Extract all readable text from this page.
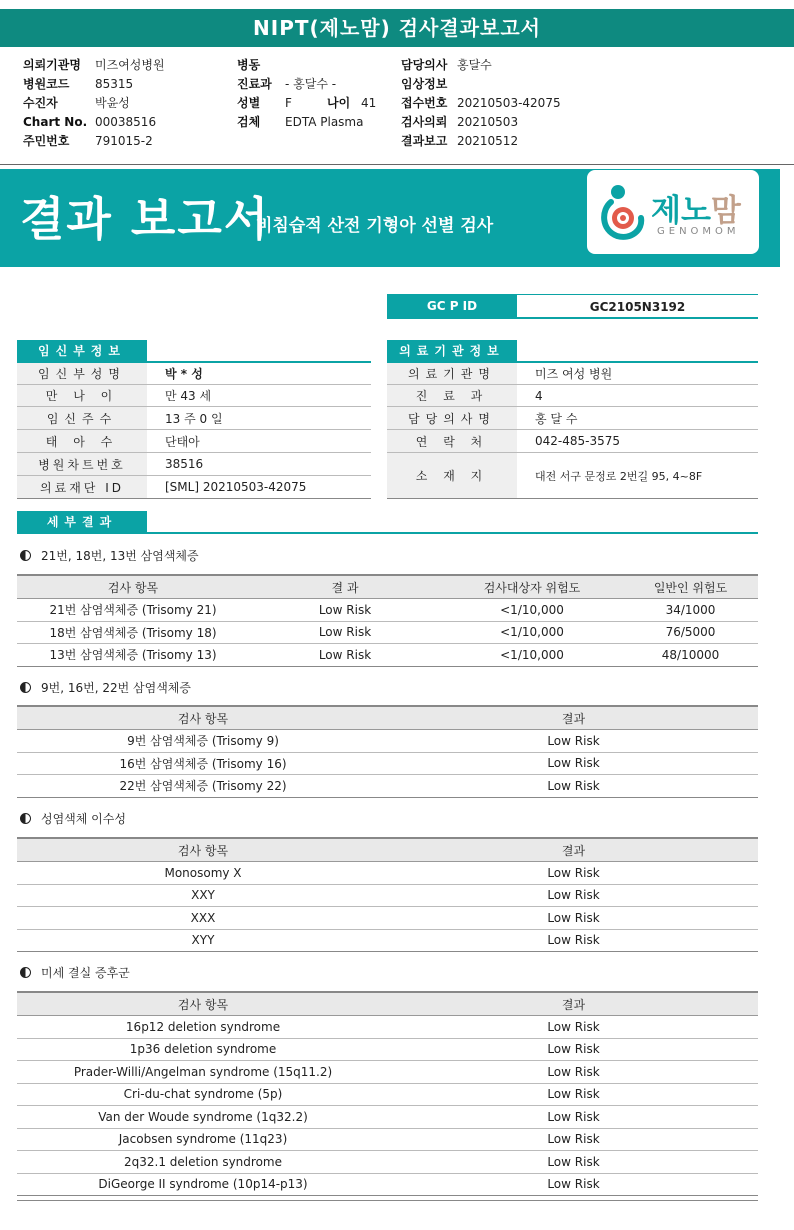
NIPT(제노맘) 검사결과보고서
의뢰기관명 미즈여성병원
병원코드 85315
수진자	박윤성
Chart No. 00038516
주민번호 791015-2
병동
진료과 - 홍달수 -
성별 F	나이 41
검체 EDTA Plasma
담당의사 홍달수
임상정보
접수번호 20210503-42075
검사의뢰 20210503
결과보고 20210512
결과 보고서
비침습적 산전 기형아 선별 검사	제노맘
GENOMOM
GC P ID	GC2105N3192
임신부정보
임신부성명	박 * 성
만 나 이	만 43 세
임신주수	13 주 0 일
태 아 수	단태아
병원차트번호	38516
의료재단 ID	[SML] 20210503-42075
의료기관정보
의료기관명	미즈 여성 병원
진 료 과	4
담당의사명	홍 달 수
연 락 처	042-485-3575
소 재 지	대전 서구 문정로 2번길 95, 4~8F
세부결과
21번, 18번, 13번 삼염색체증
검사 항목	결 과	검사대상자 위험도	일반인 위험도
21번 삼염색체증 (Trisomy 21)	Low Risk	<1/10,000	34/1000
18번 삼염색체증 (Trisomy 18)	Low Risk	<1/10,000	76/5000
13번 삼염색체증 (Trisomy 13)	Low Risk	<1/10,000	48/10000
9번, 16번, 22번 삼염색체증
검사 항목	결과
9번 삼염색체증 (Trisomy 9)	Low Risk
16번 삼염색체증 (Trisomy 16)	Low Risk
22번 삼염색체증 (Trisomy 22)	Low Risk
성염색체 이수성
검사 항목	결과
Monosomy X	Low Risk
XXY	Low Risk
XXX	Low Risk
XYY	Low Risk
미세 결실 증후군
검사 항목	결과
16p12 deletion syndrome	Low Risk
1p36 deletion syndrome	Low Risk
Prader-Willi/Angelman syndrome (15q11.2)	Low Risk
Cri-du-chat syndrome (5p)	Low Risk
Van der Woude syndrome (1q32.2)	Low Risk
Jacobsen syndrome (11q23)	Low Risk
2q32.1 deletion syndrome	Low Risk
DiGeorge II syndrome (10p14-p13)	Low Risk
